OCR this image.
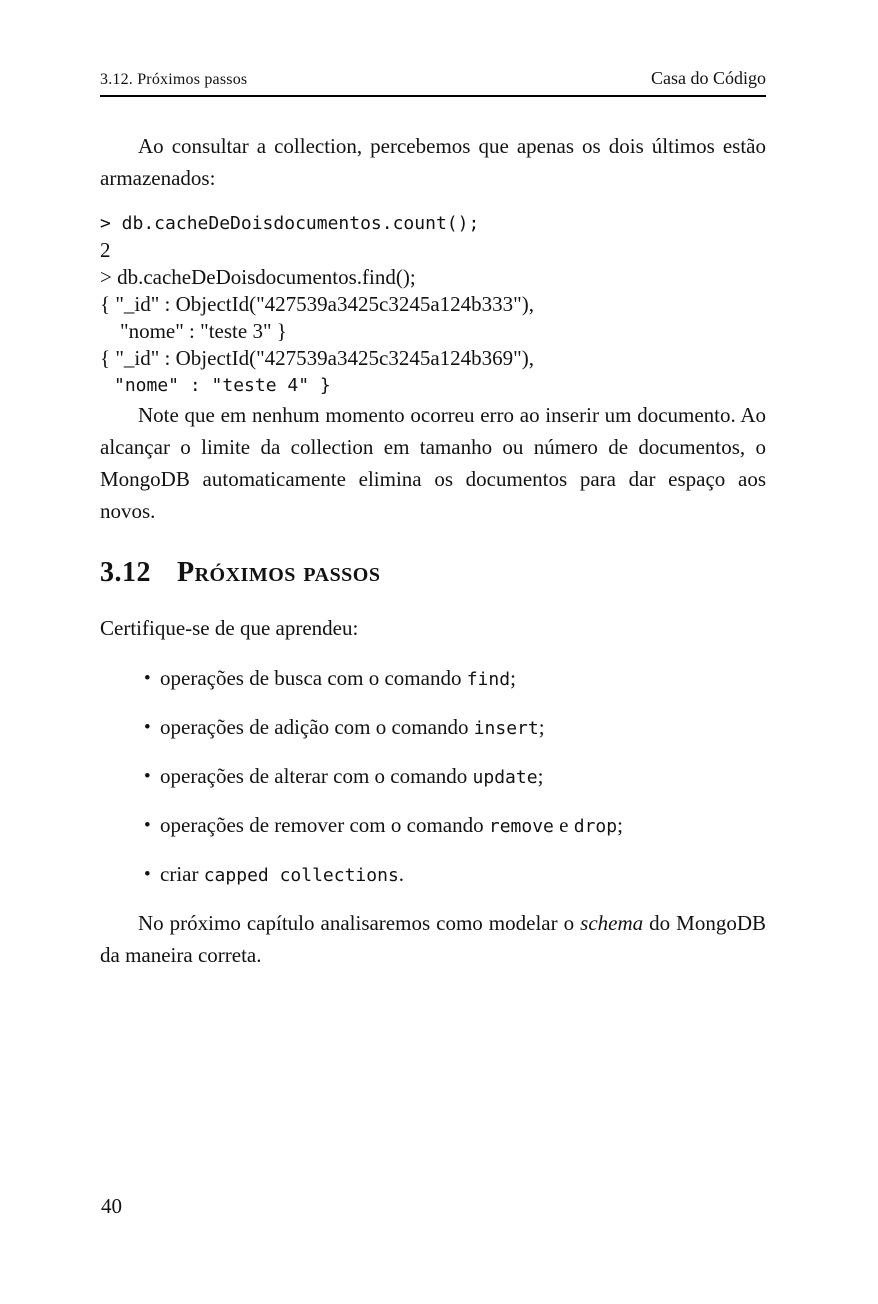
3.12. Próximos passos	Casa do Código

Ao consultar a collection, percebemos que apenas os dois últimos estão armazenados:

> db.cacheDeDoisdocumentos.count();
2
> db.cacheDeDoisdocumentos.find();
{ "_id" : ObjectId("427539a3425c3245a124b333"),
"nome" : "teste 3" }
{ "_id" : ObjectId("427539a3425c3245a124b369"),
"nome" : "teste 4" }

Note que em nenhum momento ocorreu erro ao inserir um documento. Ao alcançar o limite da collection em tamanho ou número de documentos, o MongoDB automaticamente elimina os documentos para dar espaço aos novos.

3.12 Próximos passos

Certifique-se de que aprendeu:

• operações de busca com o comando find;
• operações de adição com o comando insert;
• operações de alterar com o comando update;
• operações de remover com o comando remove e drop;
• criar capped collections.

No próximo capítulo analisaremos como modelar o schema do MongoDB da maneira correta.

40
